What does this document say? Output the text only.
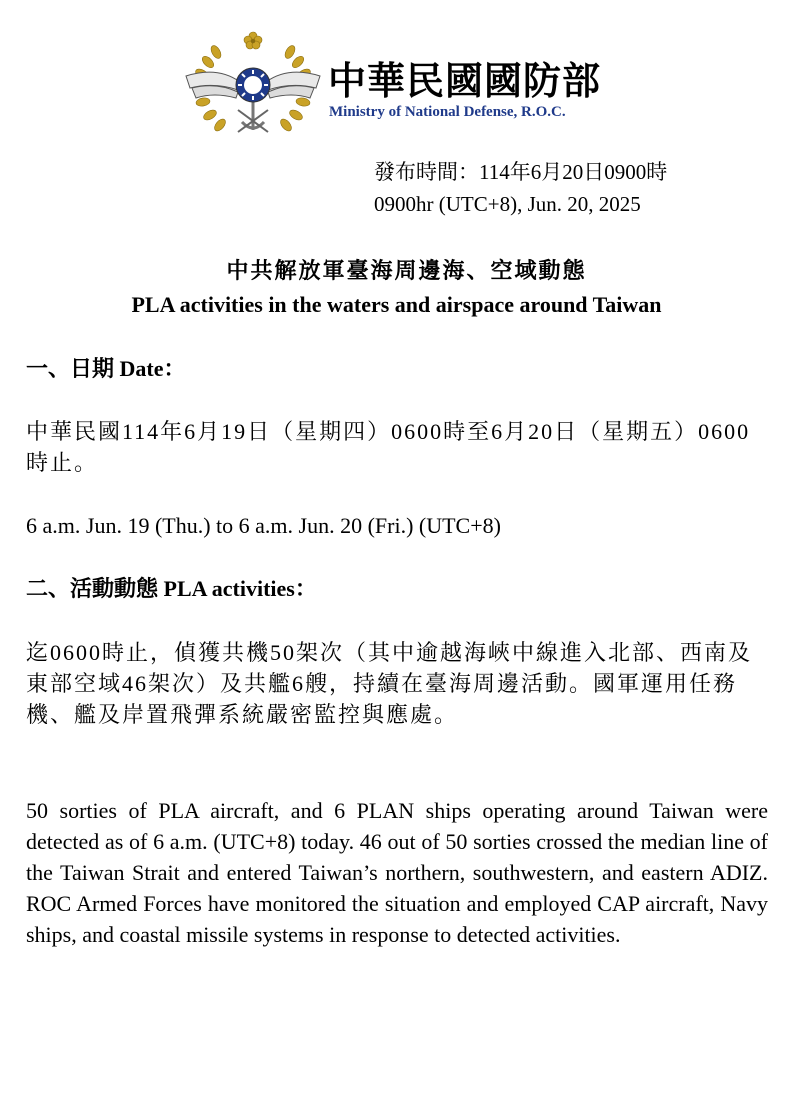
中華民國國防部
Ministry of National Defense, R.O.C.
發布時間：114年6月20日0900時
0900hr (UTC+8), Jun. 20, 2025
中共解放軍臺海周邊海、空域動態
PLA activities in the waters and airspace around Taiwan
一、日期 Date：
中華民國114年6月19日（星期四）0600時至6月20日（星期五）0600時止。
6 a.m. Jun. 19 (Thu.) to 6 a.m. Jun. 20 (Fri.) (UTC+8)
二、活動動態 PLA activities：
迄0600時止，偵獲共機50架次（其中逾越海峽中線進入北部、西南及東部空域46架次）及共艦6艘，持續在臺海周邊活動。國軍運用任務機、艦及岸置飛彈系統嚴密監控與應處。
50 sorties of PLA aircraft, and 6 PLAN ships operating around Taiwan were detected as of 6 a.m. (UTC+8) today. 46 out of 50 sorties crossed the median line of the Taiwan Strait and entered Taiwan’s northern, southwestern, and eastern ADIZ. ROC Armed Forces have monitored the situation and employed CAP aircraft, Navy ships, and coastal missile systems in response to detected activities.
